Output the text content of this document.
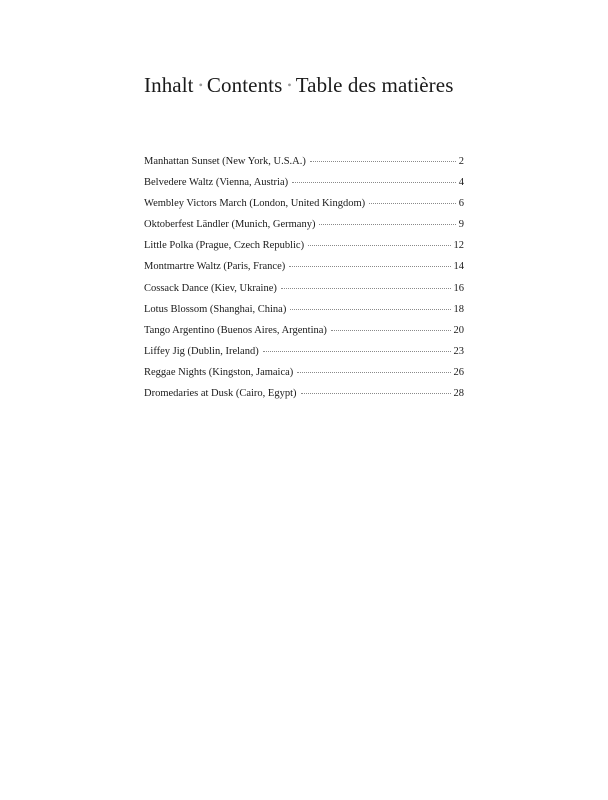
Inhalt • Contents • Table des matières
Manhattan Sunset (New York, U.S.A.)	2
Belvedere Waltz (Vienna, Austria)	4
Wembley Victors March (London, United Kingdom)	6
Oktoberfest Ländler (Munich, Germany)	9
Little Polka (Prague, Czech Republic)	12
Montmartre Waltz (Paris, France)	14
Cossack Dance (Kiev, Ukraine)	16
Lotus Blossom (Shanghai, China)	18
Tango Argentino (Buenos Aires, Argentina)	20
Liffey Jig (Dublin, Ireland)	23
Reggae Nights (Kingston, Jamaica)	26
Dromedaries at Dusk (Cairo, Egypt)	28
